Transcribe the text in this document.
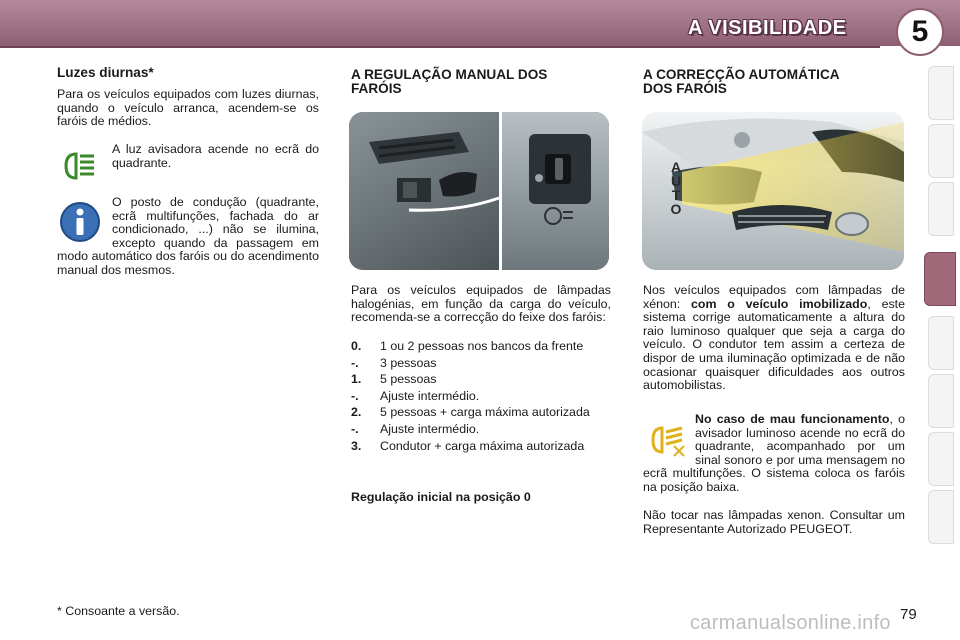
A VISIBILIDADE	5
Luzes diurnas*

Para os veículos equipados com luzes diurnas, quando o veículo arranca, acendem-se os faróis de médios.

A luz avisadora acende no ecrã do quadrante.
O posto de condução (quadrante, ecrã multifunções, fachada do ar condicionado, ...) não se ilumina, excepto quando da passagem em modo automático dos faróis ou do acendimento manual dos mesmos.
A REGULAÇÃO MANUAL DOS
FARÓIS
Para os veículos equipados de lâmpadas halogénias, em função da carga do veículo, recomenda-se a correcção do feixe dos faróis:
0.	1 ou 2 pessoas nos bancos da frente
-.	3 pessoas
1.	5 pessoas
-.	Ajuste intermédio.
2.	5 pessoas + carga máxima autorizada
-.	Ajuste intermédio.
3.	Condutor + carga máxima autorizada
Regulação inicial na posição 0
A CORRECÇÃO AUTOMÁTICA
DOS FARÓIS
AUTO
Nos veículos equipados com lâmpadas de xénon: com o veículo imobilizado, este sistema corrige automaticamente a altura do raio luminoso qualquer que seja a carga do veículo. O condutor tem assim a certeza de dispor de uma iluminação optimizada e de não ocasionar quaisquer dificuldades aos outros automobilistas.
No caso de mau funcionamento, o avisador luminoso acende no ecrã do quadrante, acompanhado por um sinal sonoro e por uma mensagem no ecrã multifunções. O sistema coloca os faróis na posição baixa.
Não tocar nas lâmpadas xenon. Consultar um Representante Autorizado PEUGEOT.
* Consoante a versão.
carmanualsonline.info 79
